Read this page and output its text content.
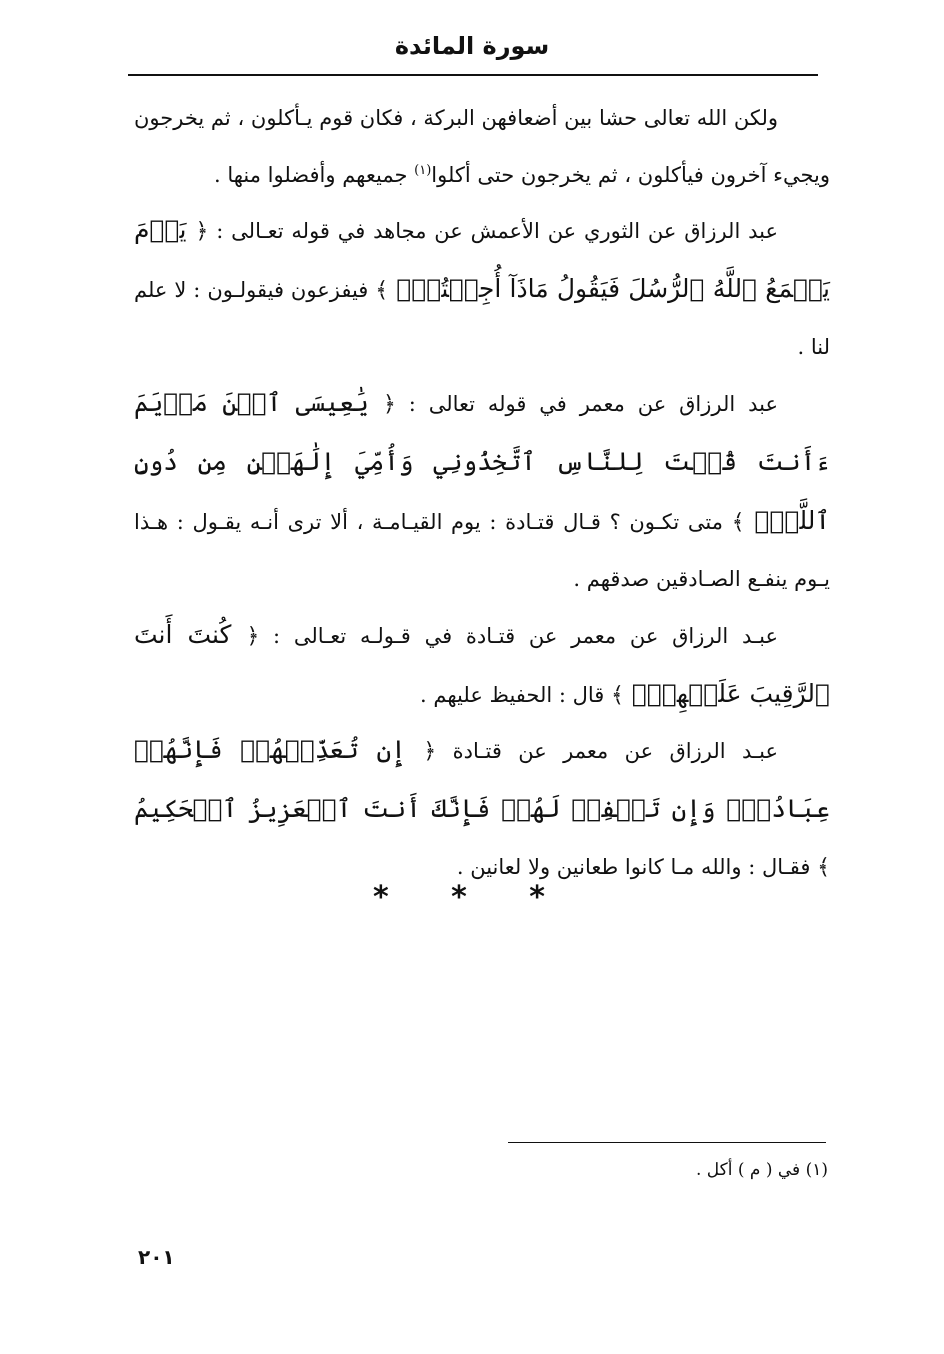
سورة المائدة

ولكن الله تعالى حشا بين أضعافهن البركة ، فكان قوم يـأكلون ، ثم يخرجون ويجيء آخرون فيأكلون ، ثم يخرجون حتى أكلوا$^{(١)}$ جميعهم وأفضلوا منها .

عبد الرزاق عن الثوري عن الأعمش عن مجاهد في قوله تعـالى : ﴿ يَوۡمَ يَجۡمَعُ ٱللَّهُ ٱلرُّسُلَ فَيَقُولُ مَاذَآ أُجِبۡتُمۡۖ ﴾ فيفزعون فيقولـون : لا علم لنا .

عبد الرزاق عن معمر في قوله تعالى : ﴿ يَٰعِيسَى ٱبۡنَ مَرۡيَمَ ءَأَنتَ قُلۡتَ لِلنَّاسِ ٱتَّخِذُونِي وَأُمِّيَ إِلَٰهَيۡنِ مِن دُونِ ٱللَّهِۖ ﴾ متى تكـون ؟ قـال قتـادة : يوم القيـامـة ، ألا ترى أنـه يقـول : هـذا يـوم ينفـع الصـادقين صدقهم .

عبـد الرزاق عن معمر عن قتـادة في قـولـه تعـالى : ﴿ كُنتَ أَنتَ ٱلرَّقِيبَ عَلَيۡهِمۡۚ ﴾ قال : الحفيظ عليهم .

عبـد الرزاق عن معمر عن قتـادة ﴿ إِن تُعَذِّبۡهُمۡ فَإِنَّهُمۡ عِبَادُكَۖ وَإِن تَغۡفِرۡ لَهُمۡ فَإِنَّكَ أَنتَ ٱلۡعَزِيزُ ٱلۡحَكِيمُ ﴾ فقـال : والله مـا كانوا طعانين ولا لعانين .

* * *
(١) في ( م ) أكل .
٢٠١
